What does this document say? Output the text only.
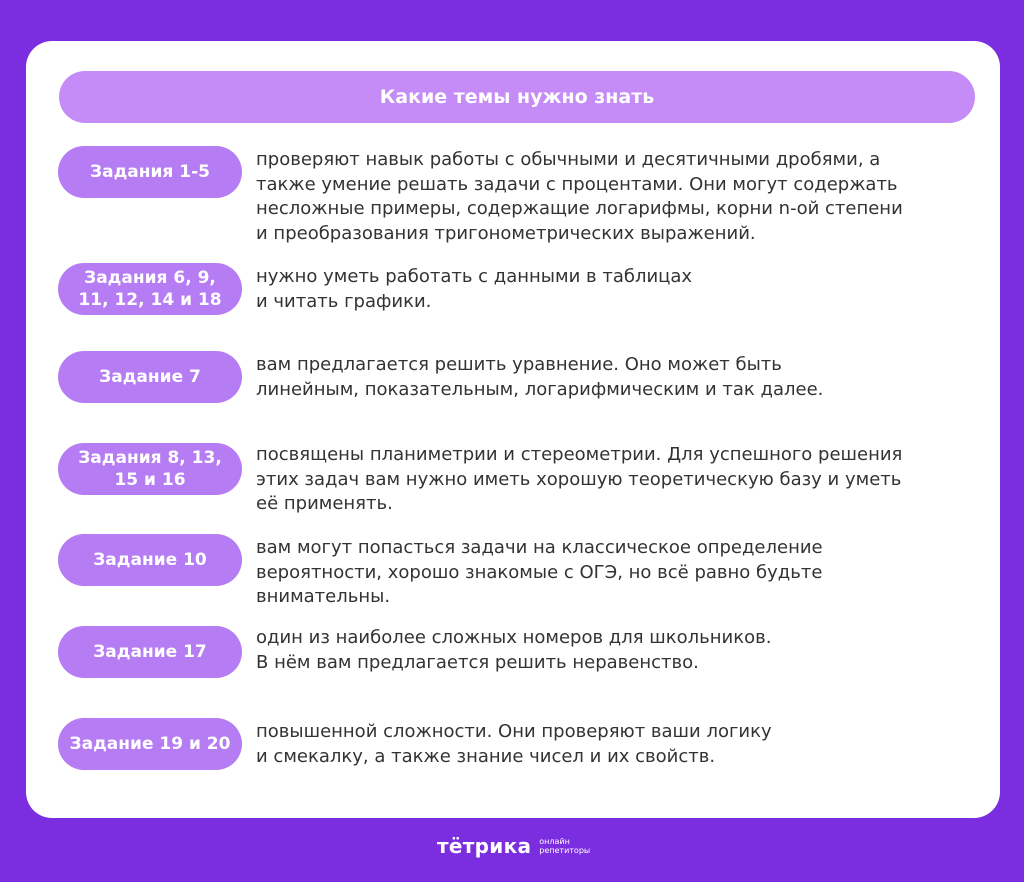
Какие темы нужно знать
Задания 1-5
проверяют навык работы с обычными и десятичными дробями, а
также умение решать задачи с процентами. Они могут содержать
несложные примеры, содержащие логарифмы, корни n-ой степени
и преобразования тригонометрических выражений.
Задания 6, 9,
11, 12, 14 и 18
нужно уметь работать с данными в таблицах
и читать графики.
Задание 7
вам предлагается решить уравнение. Оно может быть
линейным, показательным, логарифмическим и так далее.
Задания 8, 13,
15 и 16
посвящены планиметрии и стереометрии. Для успешного решения
этих задач вам нужно иметь хорошую теоретическую базу и уметь
её применять.
Задание 10
вам могут попасться задачи на классическое определение
вероятности, хорошо знакомые с ОГЭ, но всё равно будьте
внимательны.
Задание 17
один из наиболее сложных номеров для школьников.
В нём вам предлагается решить неравенство.
Задание 19 и 20
повышенной сложности. Они проверяют ваши логику
и смекалку, а также знание чисел и их свойств.
тётрика онлайн
репетиторы
